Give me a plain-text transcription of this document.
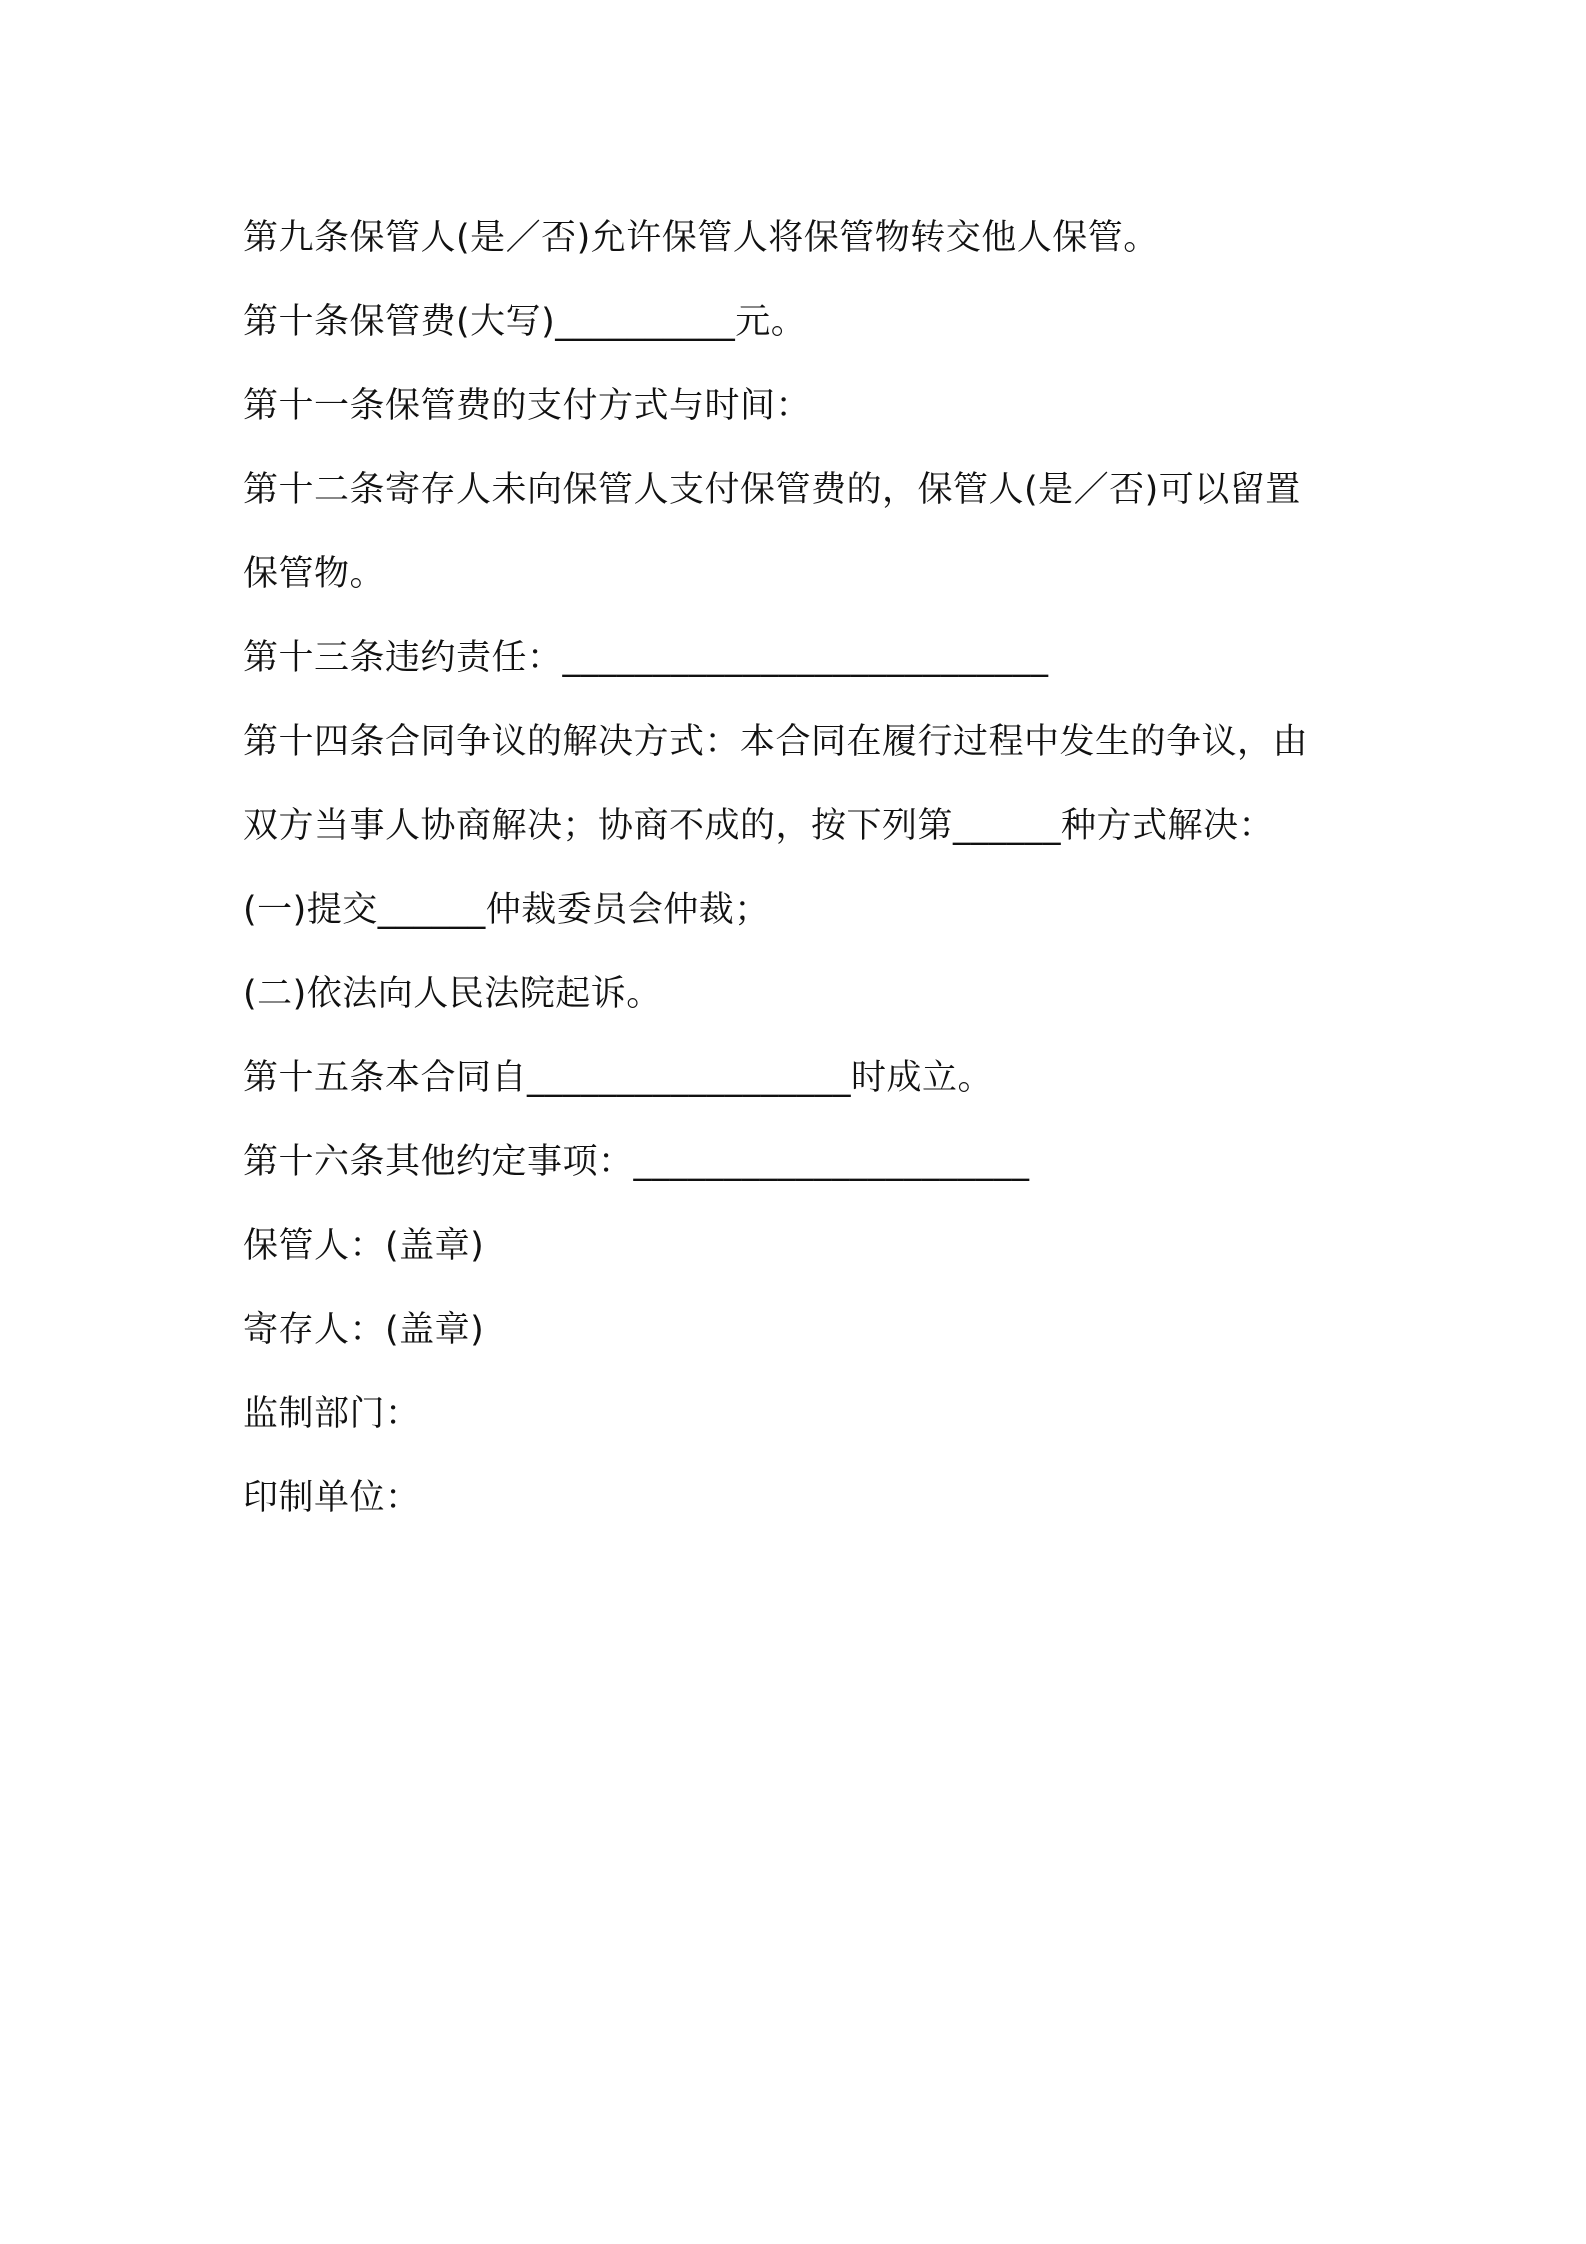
第九条保管人(是／否)允许保管人将保管物转交他人保管。
第十条保管费(大写)__________元。
第十一条保管费的支付方式与时间：
第十二条寄存人未向保管人支付保管费的，保管人(是／否)可以留置
保管物。
第十三条违约责任：___________________________
第十四条合同争议的解决方式：本合同在履行过程中发生的争议，由
双方当事人协商解决；协商不成的，按下列第______种方式解决：
(一)提交______仲裁委员会仲裁；
(二)依法向人民法院起诉。
第十五条本合同自__________________时成立。
第十六条其他约定事项：______________________
保管人：(盖章)
寄存人：(盖章)
监制部门：
印制单位：
